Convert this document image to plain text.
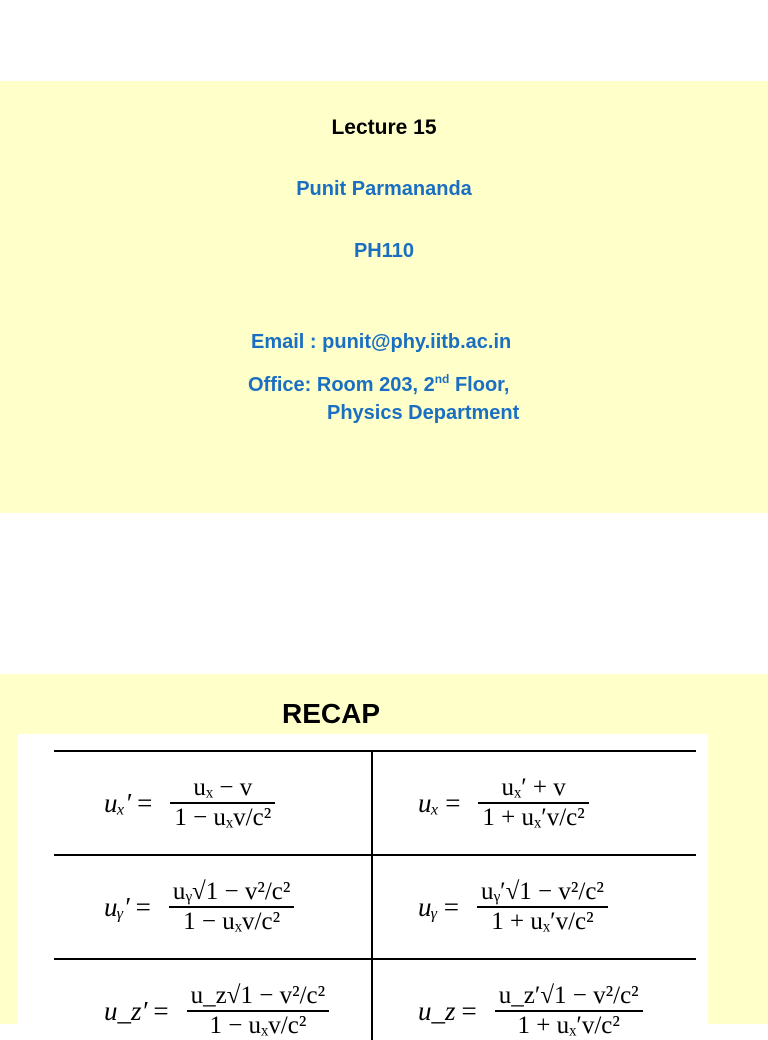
Lecture 15
Punit Parmananda
PH110
Email : punit@phy.iitb.ac.in
Office: Room 203, 2nd Floor,
Physics Department
RECAP
$u_x' = \frac{\text{uₓ − v}}{\text{1 − uₓv/c²}}$	$u_x = \frac{\text{uₓ′ + v}}{\text{1 + uₓ′v/c²}}$
uᵧ′ = $\frac{\text{uᵧ√1 − v²/c²}}{\text{1 − uₓv/c²}}$	uᵧ = $\frac{\text{uᵧ′√1 − v²/c²}}{\text{1 + uₓ′v/c²}}$
u_z′ = $\frac{\text{u\_z√1 − v²/c²}}{\text{1 − uₓv/c²}}$	u_z = $\frac{\text{u\_z′√1 − v²/c²}}{\text{1 + uₓ′v/c²}}$
